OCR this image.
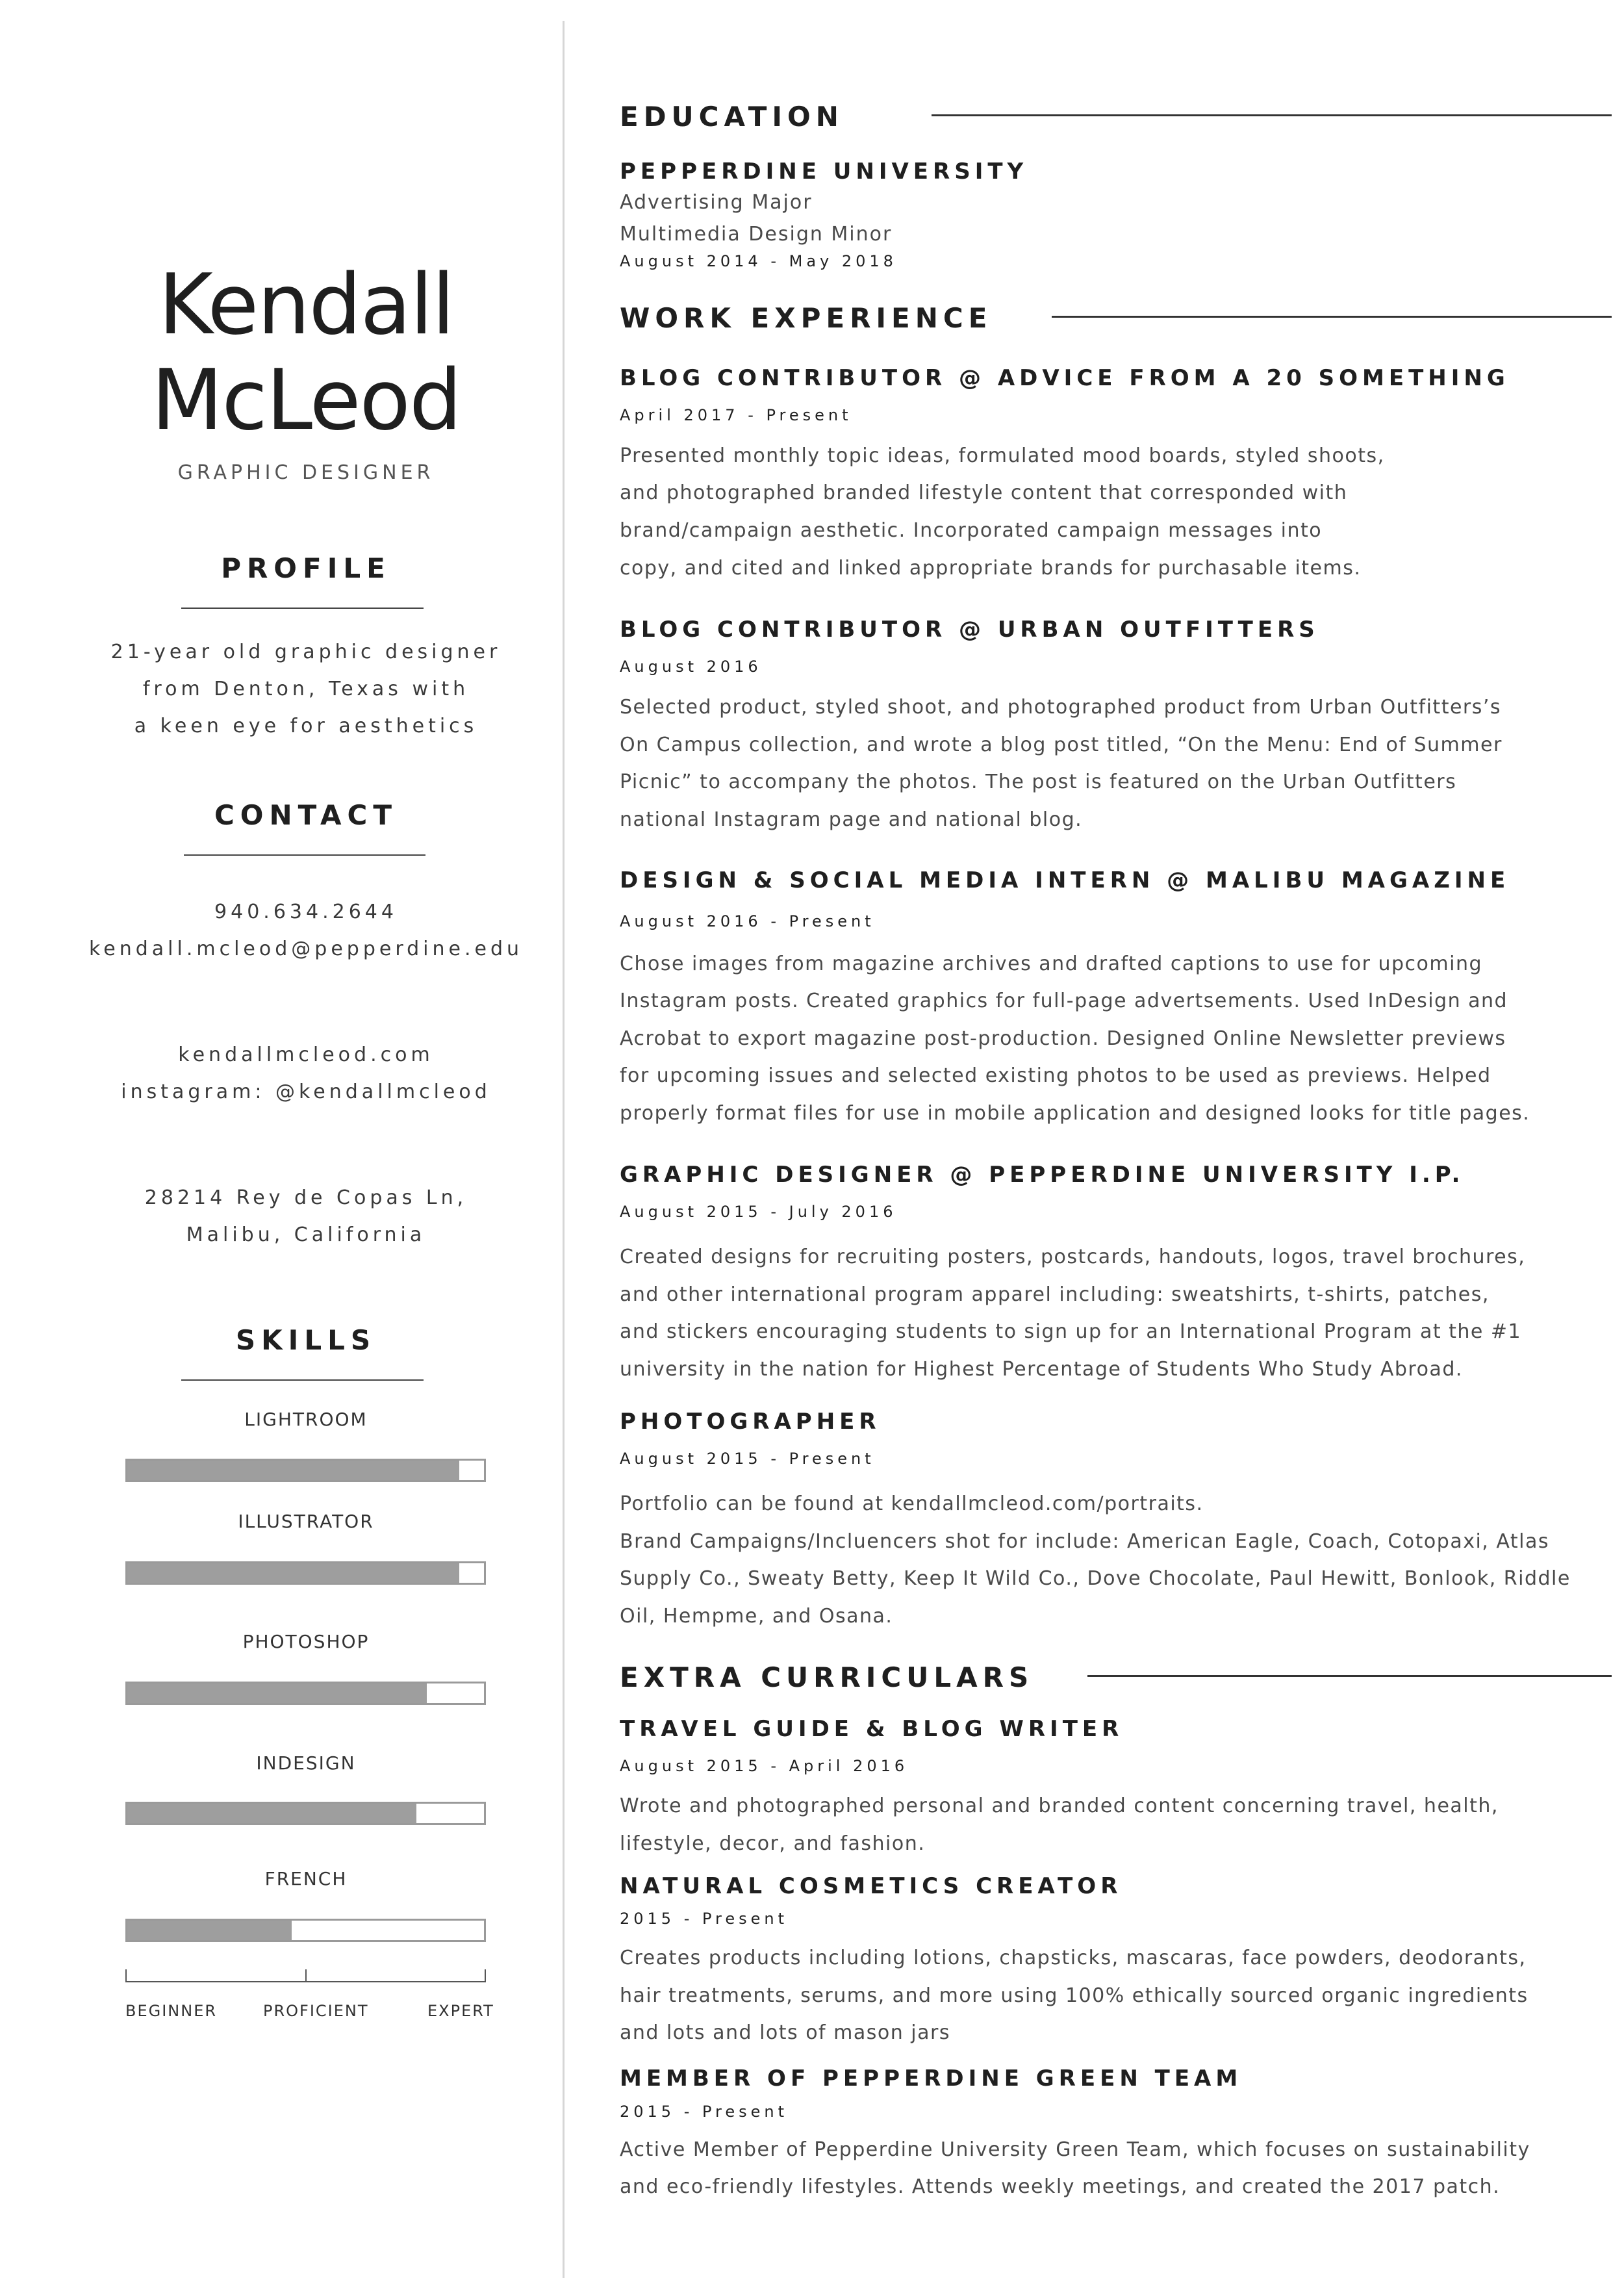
Kendall
McLeod
GRAPHIC DESIGNER
PROFILE
21-year old graphic designer
from Denton, Texas with
a keen eye for aesthetics
CONTACT
940.634.2644
kendall.mcleod@pepperdine.edu
kendallmcleod.com
instagram: @kendallmcleod
28214 Rey de Copas Ln,
Malibu, California
SKILLS
LIGHTROOM
ILLUSTRATOR
PHOTOSHOP
INDESIGN
FRENCH
BEGINNER	PROFICIENT	EXPERT
EDUCATION
PEPPERDINE UNIVERSITY
Advertising Major
Multimedia Design Minor
August 2014 - May 2018
WORK EXPERIENCE
BLOG CONTRIBUTOR @ ADVICE FROM A 20 SOMETHING
April 2017 - Present
Presented monthly topic ideas, formulated mood boards, styled shoots,
and photographed branded lifestyle content that corresponded with
brand/campaign aesthetic. Incorporated campaign messages into
copy, and cited and linked appropriate brands for purchasable items.
BLOG CONTRIBUTOR @ URBAN OUTFITTERS
August 2016
Selected product, styled shoot, and photographed product from Urban Outfitters’s
On Campus collection, and wrote a blog post titled, “On the Menu: End of Summer
Picnic” to accompany the photos. The post is featured on the Urban Outfitters
national Instagram page and national blog.
DESIGN & SOCIAL MEDIA INTERN @ MALIBU MAGAZINE
August 2016 - Present
Chose images from magazine archives and drafted captions to use for upcoming
Instagram posts. Created graphics for full-page advertsements. Used InDesign and
Acrobat to export magazine post-production. Designed Online Newsletter previews
for upcoming issues and selected existing photos to be used as previews. Helped
properly format files for use in mobile application and designed looks for title pages.
GRAPHIC DESIGNER @ PEPPERDINE UNIVERSITY I.P.
August 2015 - July 2016
Created designs for recruiting posters, postcards, handouts, logos, travel brochures,
and other international program apparel including: sweatshirts, t-shirts, patches,
and stickers encouraging students to sign up for an International Program at the #1
university in the nation for Highest Percentage of Students Who Study Abroad.
PHOTOGRAPHER
August 2015 - Present
Portfolio can be found at kendallmcleod.com/portraits.
Brand Campaigns/Incluencers shot for include: American Eagle, Coach, Cotopaxi, Atlas
Supply Co., Sweaty Betty, Keep It Wild Co., Dove Chocolate, Paul Hewitt, Bonlook, Riddle
Oil, Hempme, and Osana.
EXTRA CURRICULARS
TRAVEL GUIDE & BLOG WRITER
August 2015 - April 2016
Wrote and photographed personal and branded content concerning travel, health,
lifestyle, decor, and fashion.
NATURAL COSMETICS CREATOR
2015 - Present
Creates products including lotions, chapsticks, mascaras, face powders, deodorants,
hair treatments, serums, and more using 100% ethically sourced organic ingredients
and lots and lots of mason jars
MEMBER OF PEPPERDINE GREEN TEAM
2015 - Present
Active Member of Pepperdine University Green Team, which focuses on sustainability
and eco-friendly lifestyles. Attends weekly meetings, and created the 2017 patch.
